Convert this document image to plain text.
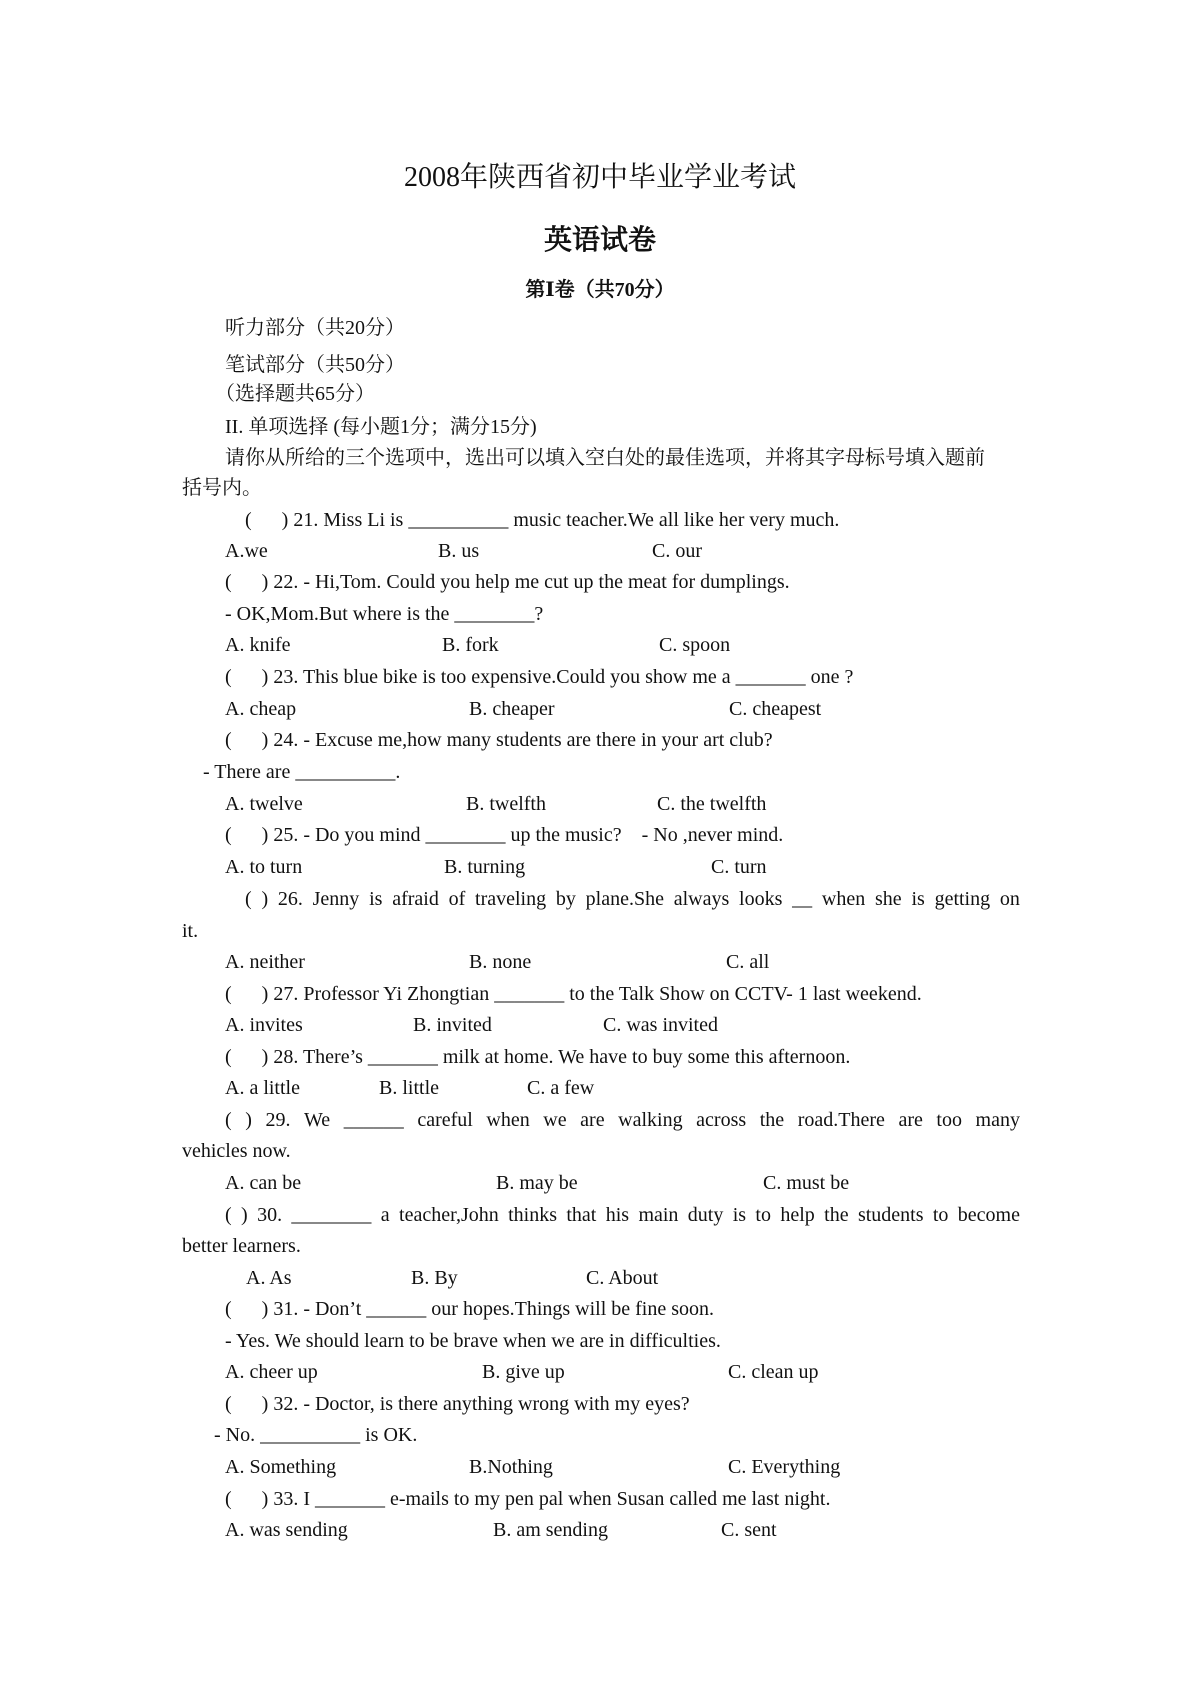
2008年陕西省初中毕业学业考试
英语试卷
第Ⅰ卷（共70分）
听力部分（共20分）
笔试部分（共50分）
（选择题共65分）
II. 单项选择 (每小题1分；满分15分)
请你从所给的三个选项中，选出可以填入空白处的最佳选项，并将其字母标号填入题前
括号内。
(      ) 21. Miss Li is __________ music teacher.We all like her very much.
A.we	B. us	C. our
(      ) 22. - Hi,Tom. Could you help me cut up the meat for dumplings.
- OK,Mom.But where is the ________?
A. knife	B. fork	C. spoon
(      ) 23. This blue bike is too expensive.Could you show me a _______ one ?
A. cheap	B. cheaper	C. cheapest
(      ) 24. - Excuse me,how many students are there in your art club?
- There are __________.
A. twelve	B. twelfth	C. the twelfth
(      ) 25. - Do you mind ________ up the music?    - No ,never mind.
A. to turn	B. turning	C. turn
( ) 26. Jenny is afraid of traveling by plane.She always looks __ when she is getting on
it.
A. neither	B. none	C. all
(      ) 27. Professor Yi Zhongtian _______ to the Talk Show on CCTV- 1 last weekend.
A. invites	B. invited	C. was invited
(      ) 28. There’s _______ milk at home. We have to buy some this afternoon.
A. a little	B. little	C. a few
( ) 29. We ______ careful when we are walking across the road.There are too many
vehicles now.
A. can be	B. may be	C. must be
( ) 30. ________ a teacher,John thinks that his main duty is to help the students to become
better learners.
A. As	B. By	C. About
(      ) 31. - Don’t ______ our hopes.Things will be fine soon.
- Yes. We should learn to be brave when we are in difficulties.
A. cheer up	B. give up	C. clean up
(      ) 32. - Doctor, is there anything wrong with my eyes?
- No. __________ is OK.
A. Something	B.Nothing	C. Everything
(      ) 33. I _______ e-mails to my pen pal when Susan called me last night.
A. was sending	B. am sending	C. sent
